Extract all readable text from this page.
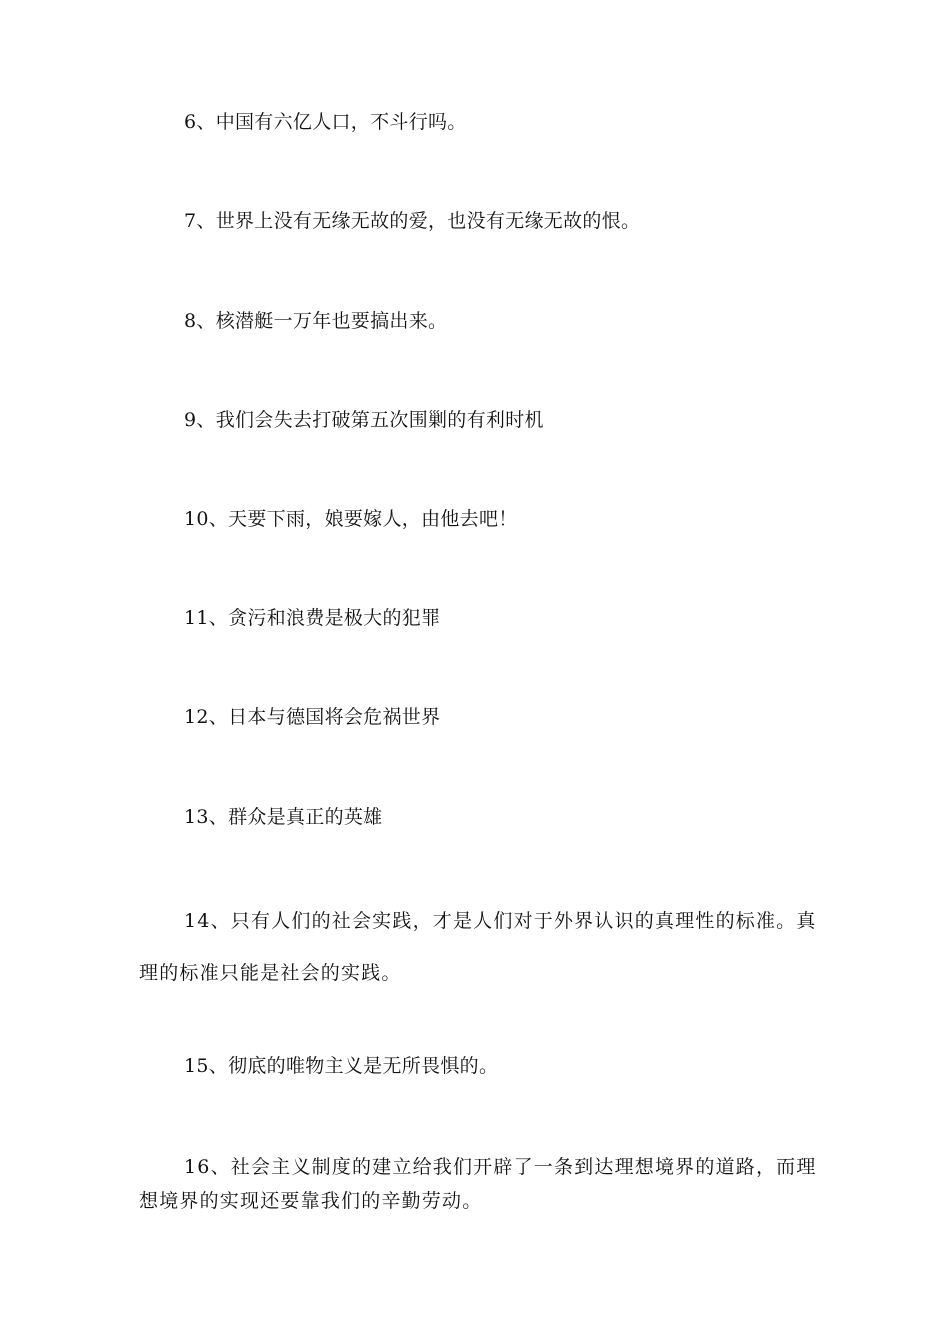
6、中国有六亿人口，不斗行吗。

7、世界上没有无缘无故的爱，也没有无缘无故的恨。

8、核潜艇一万年也要搞出来。

9、我们会失去打破第五次围剿的有利时机

10、天要下雨，娘要嫁人，由他去吧！

11、贪污和浪费是极大的犯罪

12、日本与德国将会危祸世界

13、群众是真正的英雄

14、只有人们的社会实践，才是人们对于外界认识的真理性的标准。真理的标准只能是社会的实践。

15、彻底的唯物主义是无所畏惧的。

16、社会主义制度的建立给我们开辟了一条到达理想境界的道路，而理想境界的实现还要靠我们的辛勤劳动。
